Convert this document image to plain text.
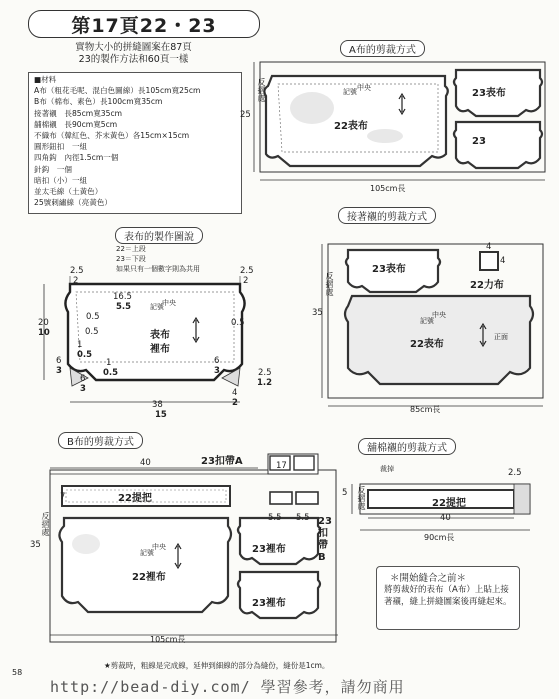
第17頁22・23
實物大小的拼縫圖案在87頁
23的製作方法和60頁一樣
■材料
A布（粗花毛呢、混白色圖線）長105cm寬25cm
B布（棉布、素色）長100cm寬35cm
接著襯　長85cm寬35cm
舖棉襯　長90cm寬5cm
不織布（韓紅色、芥末黃色）各15cm×15cm
圓形鈕扣　一組
四角鈎　內徑1.5cm一個
針鈎　一個
暗扣（小）一組
並太毛線（土黃色）
25號刺繡線（亮黃色）
A布的剪裁方式
反摺處
25
105cm長
記號 中央
22表布
23表布
23
表布的製作圖說
22＝上段
23＝下段
如果只有一個數字則為共用
2.5
2
2.5
2
16.5
5.5
20
10
0.5
0.5
1
0.5
1
0.5
6
3
6
3
0.5
6
3	2.5
1.2
4
2
38
15
記號
中央
表布
裡布
接著襯的剪裁方式
反摺處
35
85cm長
23表布
22力布
4
4
記號
中央
正面
22表布
B布的剪裁方式
23扣帶A
40	17
7
5.5 5.5
22提把
23
扣
帶
B
反摺處
35
記號
中央
22裡布
23裡布
23裡布
105cm長
舖棉襯的剪裁方式
裁掉	2.5
5 反摺處	22提把
40
90cm長
＊開始縫合之前＊
將剪裁好的表布（A布）上貼上接著襯，縫上拼縫圖案後再縫起來。
★剪裁時，粗線是完成線，延伸到細線的部分為縫份，縫份是1cm。
58
http://bead-diy.com/ 學習參考，請勿商用
